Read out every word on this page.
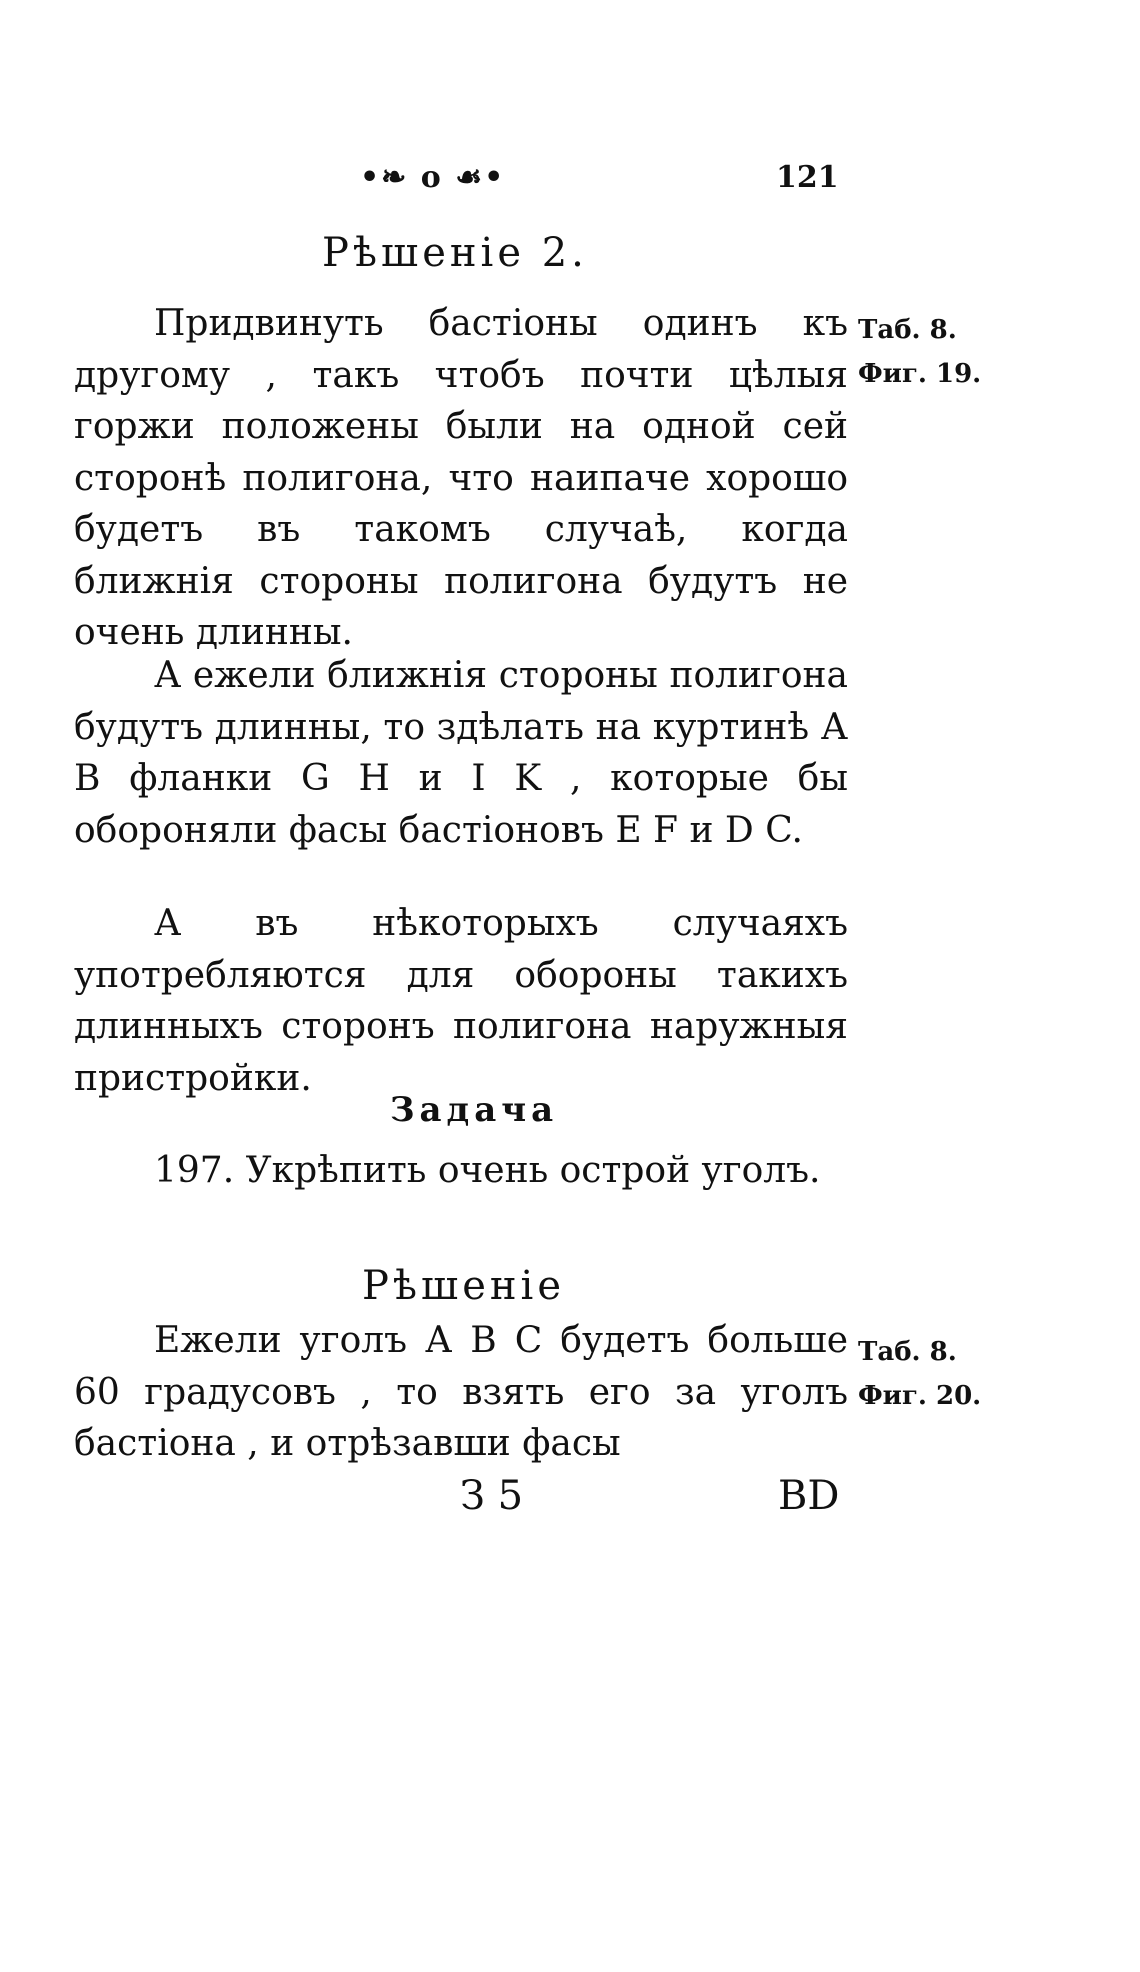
•❧ o ☙•	121
Рѣшеніе 2.
Придвинуть бастіоны одинъ къ другому , такъ чтобъ почти цѣлыя горжи положены были на одной сей сторонѣ полигона, что наипаче хорошо будетъ въ такомъ случаѣ, когда ближнія стороны полигона будутъ не очень длинны.
Таб. 8.
Фиг. 19.
А ежели ближнія стороны полигона будутъ длинны, то здѣлать на куртинѣ А В фланки G H и I K , которые бы обороняли фасы бастіоновъ E F и D C.
А въ нѣкоторыхъ случаяхъ употребляются для обороны такихъ длинныхъ сторонъ полигона наружныя пристройки.
Задача
197. Укрѣпить очень острой уголъ.
Рѣшеніе
Ежели уголъ А В С будетъ больше 60 градусовъ , то взять его за уголъ бастіона , и отрѣзавши фасы
Таб. 8.
Фиг. 20.
З 5	ВD
